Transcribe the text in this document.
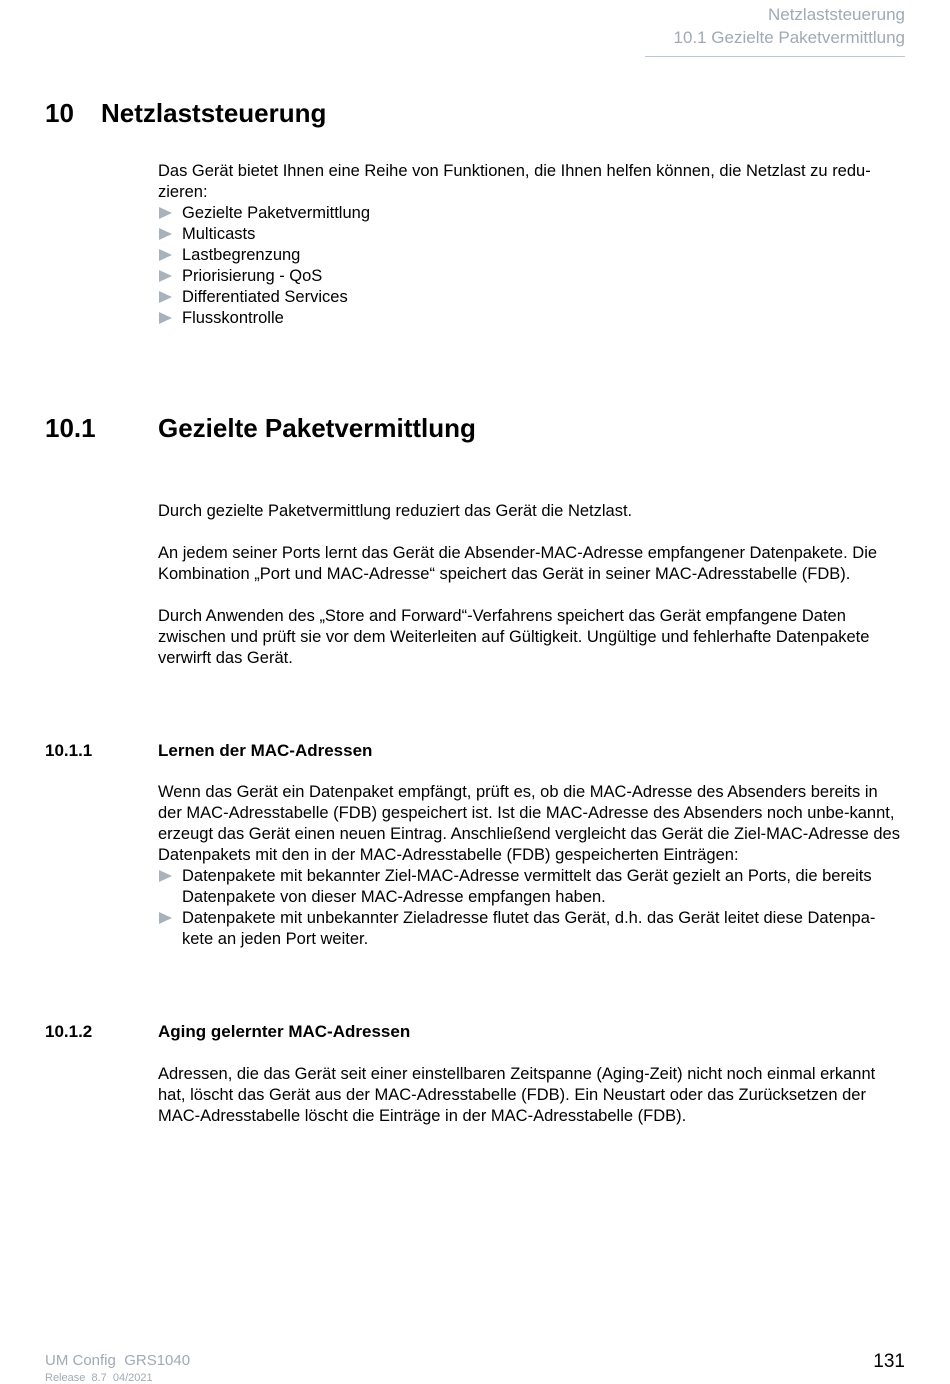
Netzlaststeuerung
10.1 Gezielte Paketvermittlung
10 Netzlaststeuerung

Das Gerät bietet Ihnen eine Reihe von Funktionen, die Ihnen helfen können, die Netzlast zu redu-zieren:

Gezielte Paketvermittlung
Multicasts
Lastbegrenzung
Priorisierung - QoS
Differentiated Services
Flusskontrolle
10.1 Gezielte Paketvermittlung

Durch gezielte Paketvermittlung reduziert das Gerät die Netzlast.

An jedem seiner Ports lernt das Gerät die Absender-MAC-Adresse empfangener Datenpakete. Die Kombination „Port und MAC-Adresse“ speichert das Gerät in seiner MAC-Adresstabelle (FDB).

Durch Anwenden des „Store and Forward“-Verfahrens speichert das Gerät empfangene Daten zwischen und prüft sie vor dem Weiterleiten auf Gültigkeit. Ungültige und fehlerhafte Datenpakete verwirft das Gerät.

10.1.1	Lernen der MAC-Adressen

Wenn das Gerät ein Datenpaket empfängt, prüft es, ob die MAC-Adresse des Absenders bereits in der MAC-Adresstabelle (FDB) gespeichert ist. Ist die MAC-Adresse des Absenders noch unbe-kannt, erzeugt das Gerät einen neuen Eintrag. Anschließend vergleicht das Gerät die Ziel-MAC-Adresse des Datenpakets mit den in der MAC-Adresstabelle (FDB) gespeicherten Einträgen:

Datenpakete mit bekannter Ziel-MAC-Adresse vermittelt das Gerät gezielt an Ports, die bereits Datenpakete von dieser MAC-Adresse empfangen haben.
Datenpakete mit unbekannter Zieladresse flutet das Gerät, d.h. das Gerät leitet diese Datenpa-kete an jeden Port weiter.
10.1.2	Aging gelernter MAC-Adressen

Adressen, die das Gerät seit einer einstellbaren Zeitspanne (Aging-Zeit) nicht noch einmal erkannt hat, löscht das Gerät aus der MAC-Adresstabelle (FDB). Ein Neustart oder das Zurücksetzen der MAC-Adresstabelle löscht die Einträge in der MAC-Adresstabelle (FDB).

UM Config  GRS1040
Release  8.7  04/2021
131
